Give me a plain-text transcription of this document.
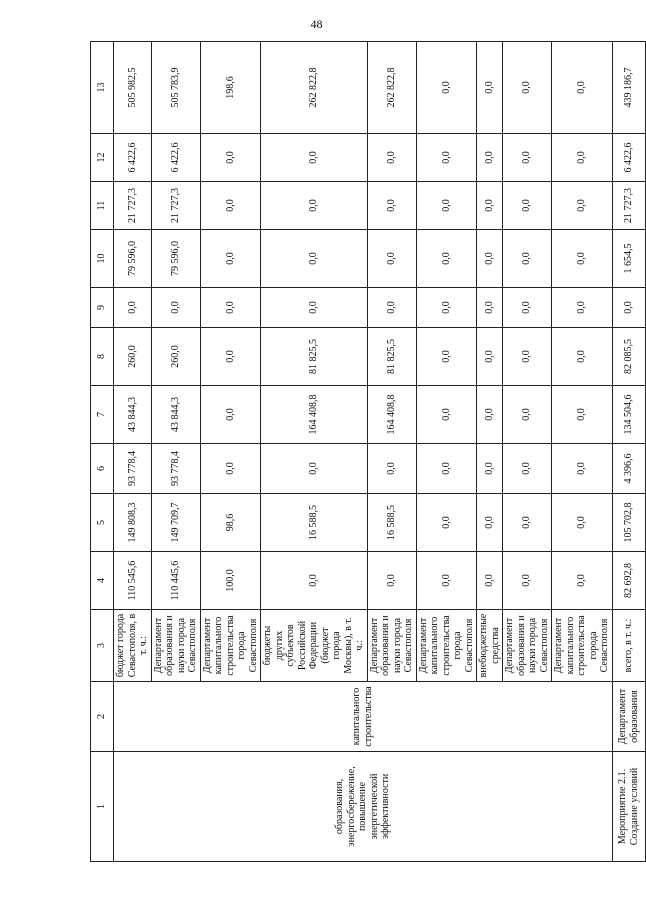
48
1	2	3	4	5	6	7	8	9	10	11	12	13
образования, энергосбережение, повышение энергетической эффективности	капитального строительства	бюджет города Севастополя, в т. ч.:	110 545,6	149 808,3	93 778,4	43 844,3	260,0	0,0	79 596,0	21 727,3	6 422,6	505 982,5
		Департамент образования и науки города Севастополя	110 445,6	149 709,7	93 778,4	43 844,3	260,0	0,0	79 596,0	21 727,3	6 422,6	505 783,9
		Департамент капитального строительства города Севастополя	100,0	98,6	0,0	0,0	0,0	0,0	0,0	0,0	0,0	198,6
		бюджеты других субъектов Российской Федерации (бюджет города Москвы), в т. ч.:	0,0	16 588,5	0,0	164 408,8	81 825,5	0,0	0,0	0,0	0,0	262 822,8
		Департамент образования и науки города Севастополя	0,0	16 588,5	0,0	164 408,8	81 825,5	0,0	0,0	0,0	0,0	262 822,8
		Департамент капитального строительства города Севастополя	0,0	0,0	0,0	0,0	0,0	0,0	0,0	0,0	0,0	0,0
		внебюджетные средства	0,0	0,0	0,0	0,0	0,0	0,0	0,0	0,0	0,0	0,0
		Департамент образования и науки города Севастополя	0,0	0,0	0,0	0,0	0,0	0,0	0,0	0,0	0,0	0,0
		Департамент капитального строительства города Севастополя	0,0	0,0	0,0	0,0	0,0	0,0	0,0	0,0	0,0	0,0
Мероприятие 2.1. Создание условий	Департамент образования	всего, в т. ч.:	82 692,8	105 702,8	4 396,6	134 504,6	82 085,5	0,0	1 654,5	21 727,3	6 422,6	439 186,7
